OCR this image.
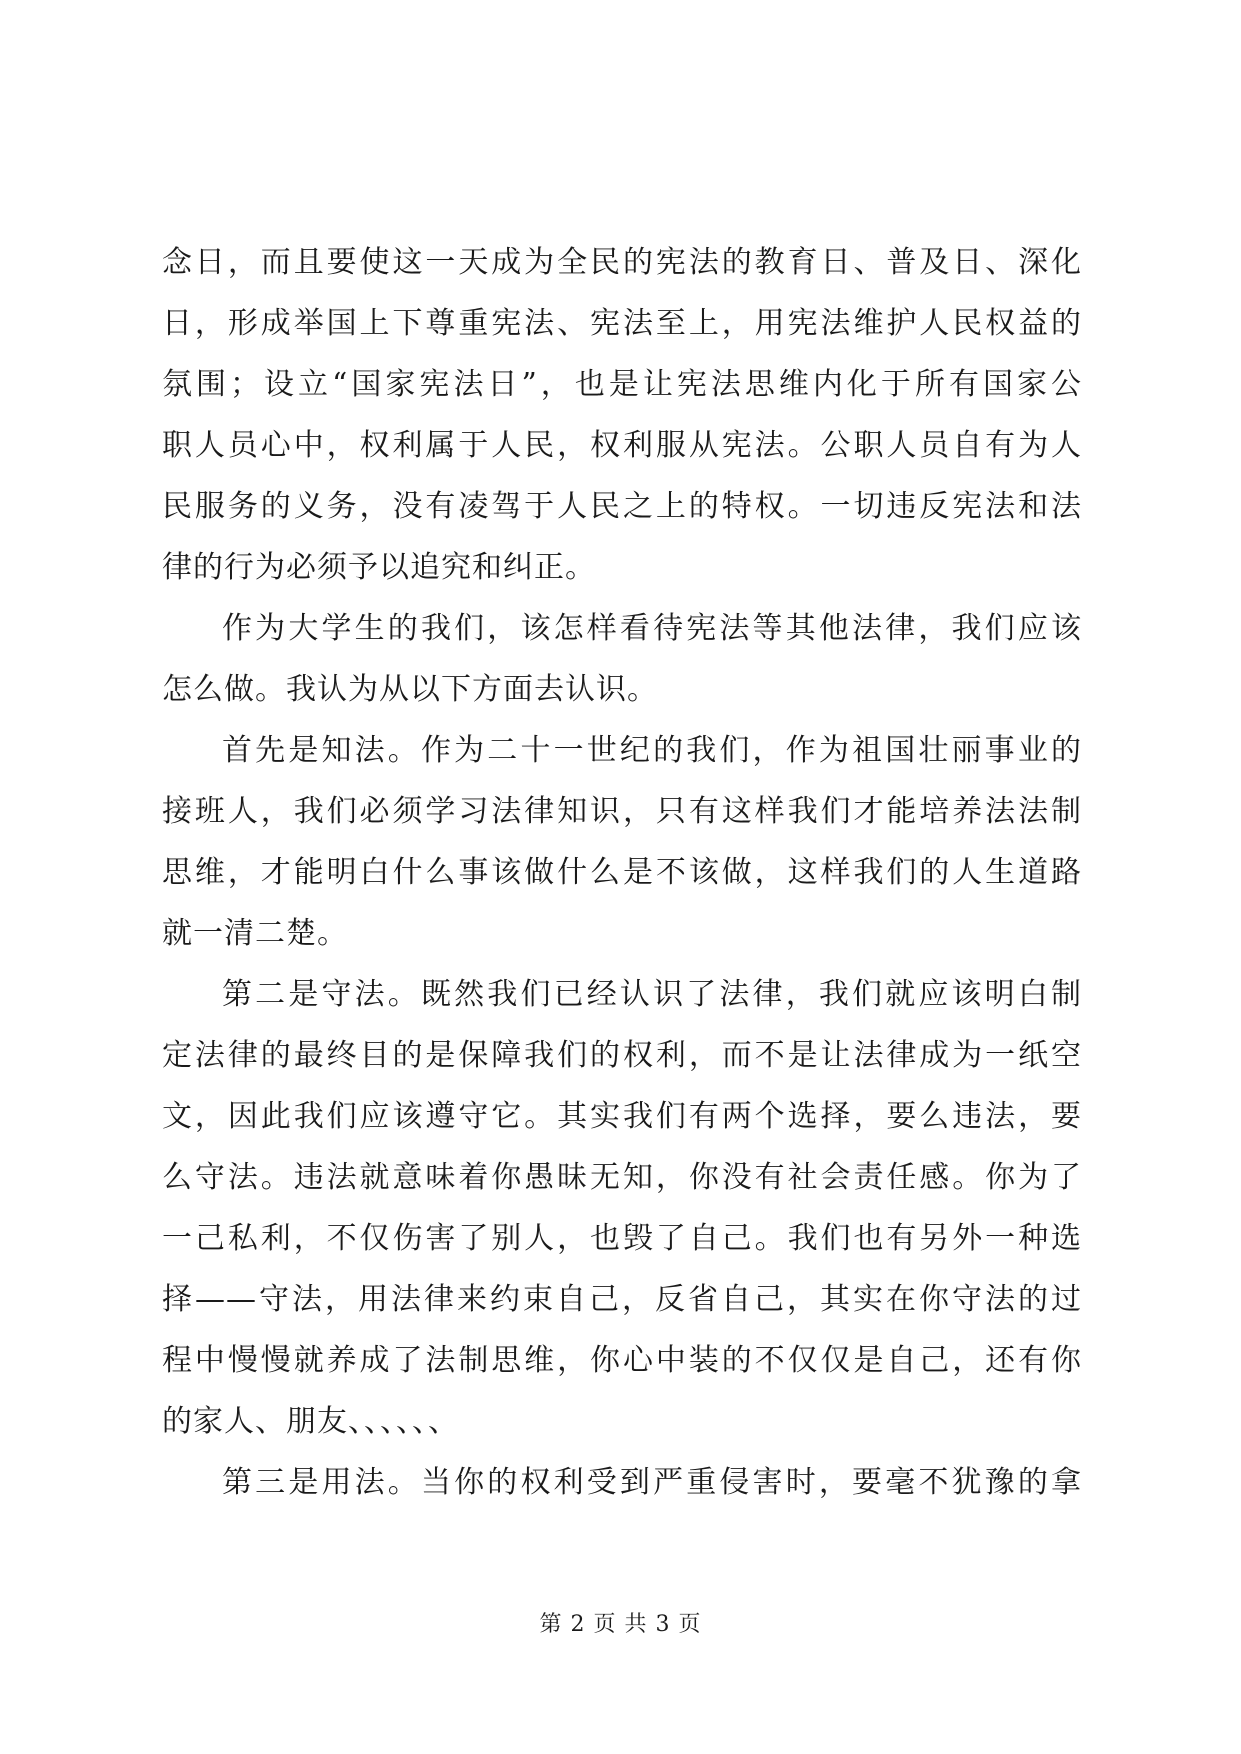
念日，而且要使这一天成为全民的宪法的教育日、普及日、深化
日，形成举国上下尊重宪法、宪法至上，用宪法维护人民权益的
氛围；设立“国家宪法日”，也是让宪法思维内化于所有国家公
职人员心中，权利属于人民，权利服从宪法。公职人员自有为人
民服务的义务，没有凌驾于人民之上的特权。一切违反宪法和法
律的行为必须予以追究和纠正。
作为大学生的我们，该怎样看待宪法等其他法律，我们应该
怎么做。我认为从以下方面去认识。
首先是知法。作为二十一世纪的我们，作为祖国壮丽事业的
接班人，我们必须学习法律知识，只有这样我们才能培养法法制
思维，才能明白什么事该做什么是不该做，这样我们的人生道路
就一清二楚。
第二是守法。既然我们已经认识了法律，我们就应该明白制
定法律的最终目的是保障我们的权利，而不是让法律成为一纸空
文，因此我们应该遵守它。其实我们有两个选择，要么违法，要
么守法。违法就意味着你愚昧无知，你没有社会责任感。你为了
一己私利，不仅伤害了别人，也毁了自己。我们也有另外一种选
择——守法，用法律来约束自己，反省自己，其实在你守法的过
程中慢慢就养成了法制思维，你心中装的不仅仅是自己，还有你
的家人、朋友、、、、、、
第三是用法。当你的权利受到严重侵害时，要毫不犹豫的拿
第 2 页 共 3 页
